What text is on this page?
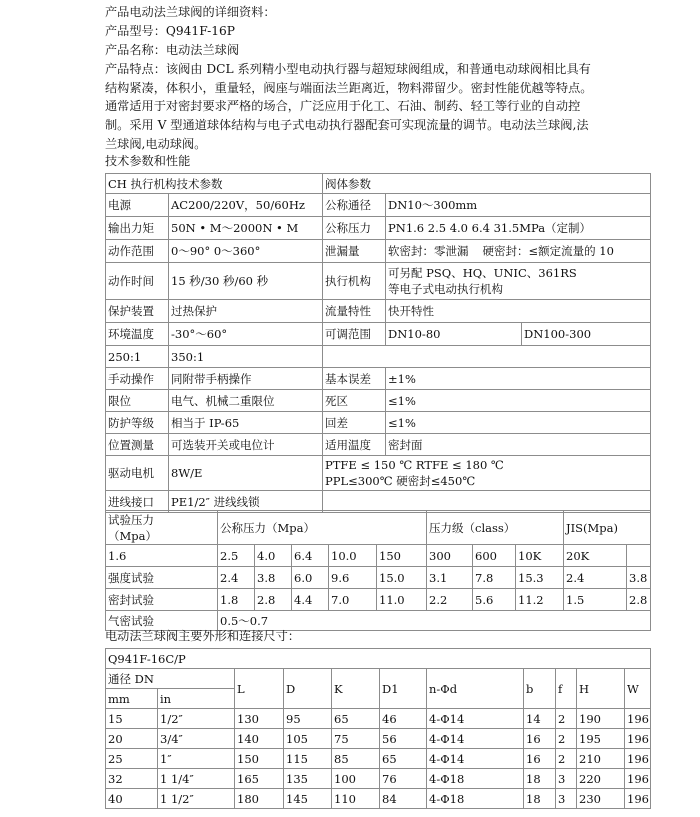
产品电动法兰球阀的详细资料：
产品型号：Q941F-16P
产品名称：电动法兰球阀
产品特点：该阀由 DCL 系列精小型电动执行器与超短球阀组成，和普通电动球阀相比具有结构紧凑，体积小，重量轻，阀座与端面法兰距离近，物料滞留少。密封性能优越等特点。通常适用于对密封要求严格的场合，广泛应用于化工、石油、制药、轻工等行业的自动控制。采用 V 型通道球体结构与电子式电动执行器配套可实现流量的调节。电动法兰球阀,法兰球阀,电动球阀。
技术参数和性能
CH 执行机构技术参数		阀体参数		
电源	AC200/220V，50/60Hz	公称通径	DN10～300mm	
输出力矩	50N • M～2000N • M	公称压力	PN1.6 2.5 4.0 6.4 31.5MPa（定制）	
动作范围	0～90° 0～360°	泄漏量	软密封：零泄漏 硬密封：≤额定流量的 10	
动作时间	15 秒/30 秒/60 秒	执行机构	可另配 PSQ、HQ、UNIC、361RS
等电子式电动执行机构	

保护装置	过热保护	流量特性	快开特性	
环境温度	-30°～60°	可调范围	DN10-80	DN100-300
250:1	350:1			
手动操作	同附带手柄操作	基本误差	±1%	
限位	电气、机械二重限位	死区	≤1%	
防护等级	相当于 IP-65	回差	≤1%	
位置测量	可选装开关或电位计	适用温度	密封面	
驱动电机	8W/E	PTFE ≤ 150 ℃ RTFE ≤ 180 ℃
PPL≤300℃ 硬密封≤450℃		

进线接口	PE1/2″ 进线线锁			
试验压力
（Mpa）	公称压力（Mpa）					压力级（class）			JIS(Mpa)	
1.6	2.5	4.0	6.4	10.0	150	300	600	10K	20K	
强度试验	2.4	3.8	6.0	9.6	15.0	3.1	7.8	15.3	2.4	3.8
密封试验	1.8	2.8	4.4	7.0	11.0	2.2	5.6	11.2	1.5	2.8
气密试验	0.5～0.7									
电动法兰球阀主要外形和连接尺寸：
Q941F-16C/P										
通径 DN		L	D	K	D1	n-Φd	b	f	H	W
mm	in									
15	1/2″	130	95	65	46	4-Φ14	14	2	190	196
20	3/4″	140	105	75	56	4-Φ14	16	2	195	196
25	1″	150	115	85	65	4-Φ14	16	2	210	196
32	1 1/4″	165	135	100	76	4-Φ18	18	3	220	196
40	1 1/2″	180	145	110	84	4-Φ18	18	3	230	196
